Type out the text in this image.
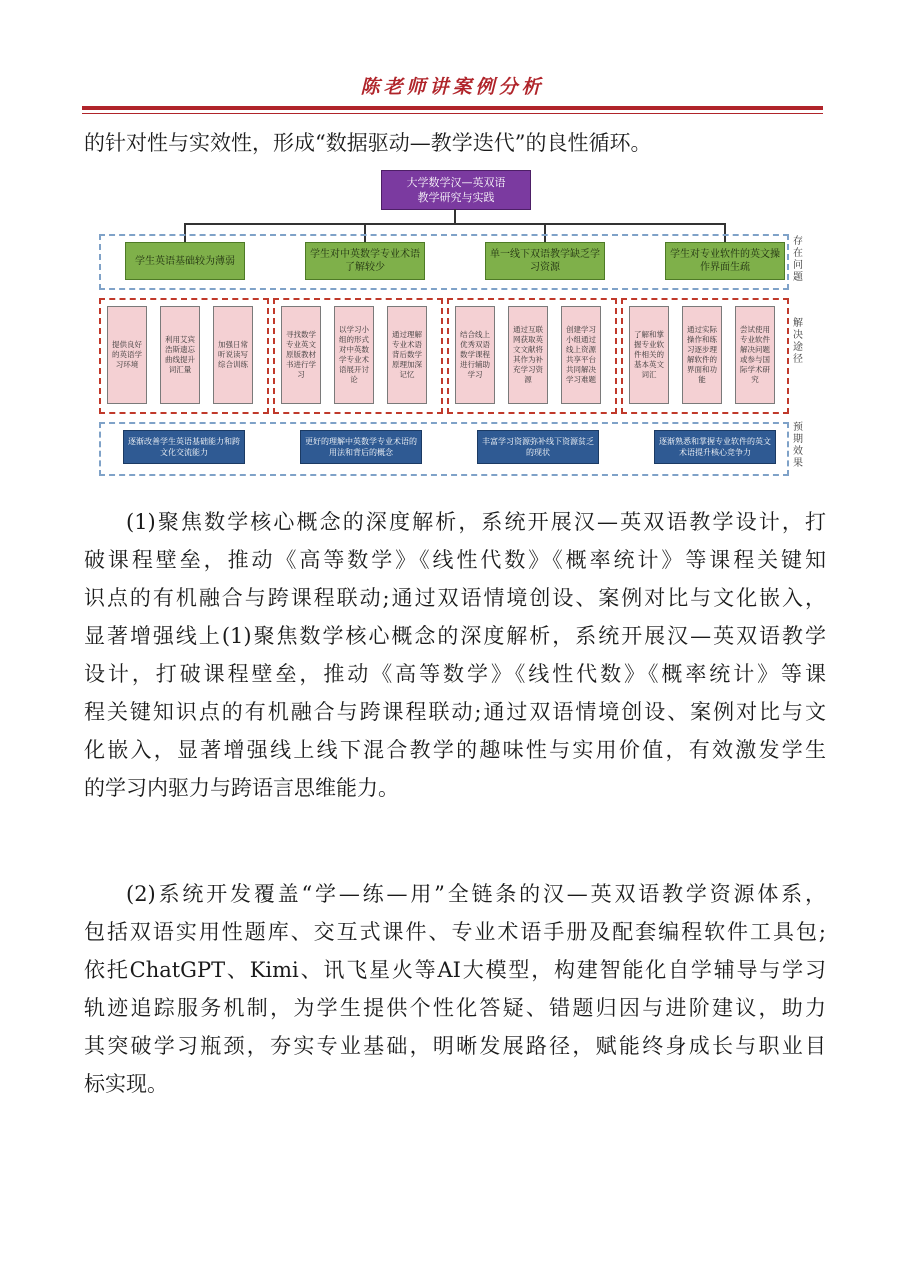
陈老师讲案例分析

的针对性与实效性，形成“数据驱动—教学迭代”的良性循环。

大学数学汉—英双语
教学研究与实践
学生英语基础较为薄弱
学生对中英数学专业术语了解较少
单一线下双语教学缺乏学习资源
学生对专业软件的英文操作界面生疏
存在问题
提供良好的英语学习环境
利用艾宾浩斯遗忘曲线提升词汇量
加强日常听说读写综合训练
寻找数学专业英文原版教材书进行学习
以学习小组的形式对中英数学专业术语展开讨论
通过理解专业术语背后数学原理加深记忆
结合线上优秀双语数学课程进行辅助学习
通过互联网获取英文文献将其作为补充学习资源
创建学习小组通过线上资源共享平台共同解决学习难题
了解和掌握专业软件相关的基本英文词汇
通过实际操作和练习逐步理解软件的界面和功能
尝试使用专业软件解决问题或参与国际学术研究
解决途径
逐渐改善学生英语基础能力和跨文化交流能力
更好的理解中英数学专业术语的用法和背后的概念
丰富学习资源弥补线下资源贫乏的现状
逐渐熟悉和掌握专业软件的英文术语提升核心竞争力
预期效果

(1)聚焦数学核心概念的深度解析，系统开展汉—英双语教学设计，打
破课程壁垒，推动《高等数学》《线性代数》《概率统计》等课程关键知
识点的有机融合与跨课程联动;通过双语情境创设、案例对比与文化嵌入，
显著增强线上(1)聚焦数学核心概念的深度解析，系统开展汉—英双语教学
设计，打破课程壁垒，推动《高等数学》《线性代数》《概率统计》等课
程关键知识点的有机融合与跨课程联动;通过双语情境创设、案例对比与文
化嵌入，显著增强线上线下混合教学的趣味性与实用价值，有效激发学生
的学习内驱力与跨语言思维能力。

(2)系统开发覆盖“学—练—用”全链条的汉—英双语教学资源体系，
包括双语实用性题库、交互式课件、专业术语手册及配套编程软件工具包;
依托ChatGPT、Kimi、讯飞星火等AI大模型，构建智能化自学辅导与学习
轨迹追踪服务机制，为学生提供个性化答疑、错题归因与进阶建议，助力
其突破学习瓶颈，夯实专业基础，明晰发展路径，赋能终身成长与职业目
标实现。
